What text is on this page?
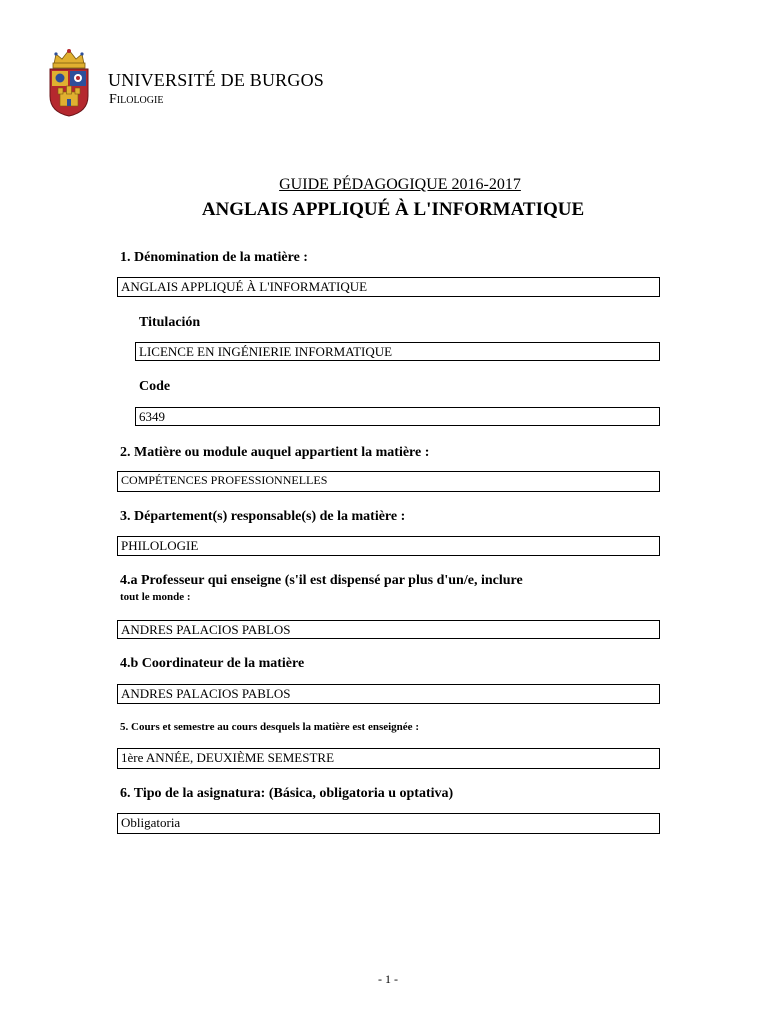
UNIVERSITÉ DE BURGOS
Filologie
GUIDE PÉDAGOGIQUE 2016-2017
ANGLAIS APPLIQUÉ À L'INFORMATIQUE
1. Dénomination de la matière :
ANGLAIS APPLIQUÉ À L'INFORMATIQUE
Titulación
LICENCE EN INGÉNIERIE INFORMATIQUE
Code
6349
2. Matière ou module auquel appartient la matière :
COMPÉTENCES PROFESSIONNELLES
3. Département(s) responsable(s) de la matière :
PHILOLOGIE
4.a Professeur qui enseigne (s'il est dispensé par plus d'un/e, inclure
tout le monde :
ANDRES PALACIOS PABLOS
4.b Coordinateur de la matière
ANDRES PALACIOS PABLOS
5. Cours et semestre au cours desquels la matière est enseignée :
1ère ANNÉE, DEUXIÈME SEMESTRE
6. Tipo de la asignatura: (Básica, obligatoria u optativa)
Obligatoria
- 1 -
